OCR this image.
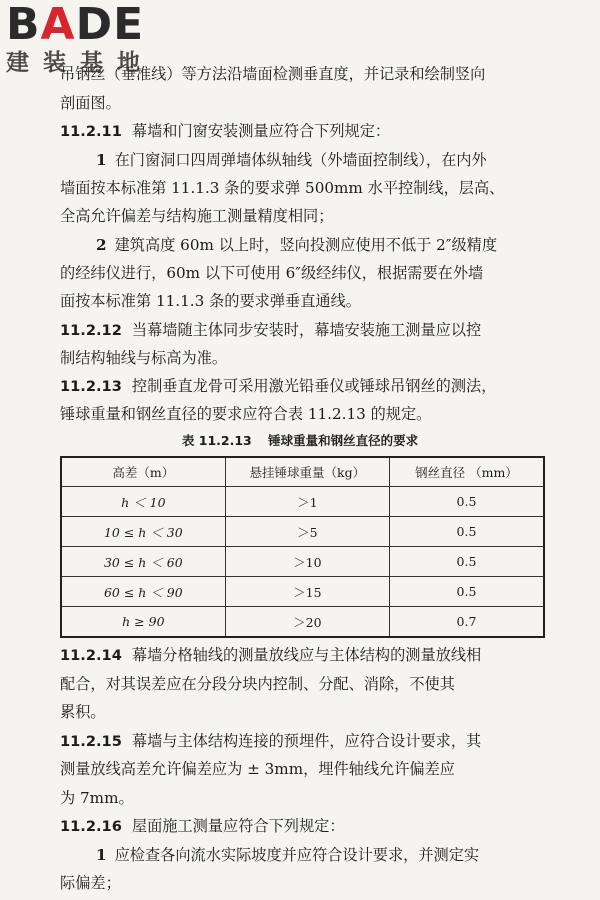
BADE
建装基地
吊钢丝（垂准线）等方法沿墙面检测垂直度，并记录和绘制竖向
剖面图。
11.2.11 幕墙和门窗安装测量应符合下列规定：
1 在门窗洞口四周弹墙体纵轴线（外墙面控制线），在内外
墙面按本标准第 11.1.3 条的要求弹 500mm 水平控制线，层高、
全高允许偏差与结构施工测量精度相同；
2 建筑高度 60m 以上时，竖向投测应使用不低于 2″级精度
的经纬仪进行，60m 以下可使用 6″级经纬仪，根据需要在外墙
面按本标准第 11.1.3 条的要求弹垂直通线。
11.2.12 当幕墙随主体同步安装时，幕墙安装施工测量应以控
制结构轴线与标高为准。
11.2.13 控制垂直龙骨可采用激光铅垂仪或锤球吊钢丝的测法，
锤球重量和钢丝直径的要求应符合表 11.2.13 的规定。
表 11.2.13 锤球重量和钢丝直径的要求
高差（m）	悬挂锤球重量（kg）	钢丝直径 （mm）
h ＜ 10	＞1	0.5
10 ≤ h ＜ 30	＞5	0.5
30 ≤ h ＜ 60	＞10	0.5
60 ≤ h ＜ 90	＞15	0.5
h ≥ 90	＞20	0.7
11.2.14 幕墙分格轴线的测量放线应与主体结构的测量放线相
配合，对其误差应在分段分块内控制、分配、消除，不使其
累积。
11.2.15 幕墙与主体结构连接的预埋件，应符合设计要求，其
测量放线高差允许偏差应为 ± 3mm，埋件轴线允许偏差应
为 7mm。
11.2.16 屋面施工测量应符合下列规定：
1 应检查各向流水实际坡度并应符合设计要求，并测定实
际偏差；
